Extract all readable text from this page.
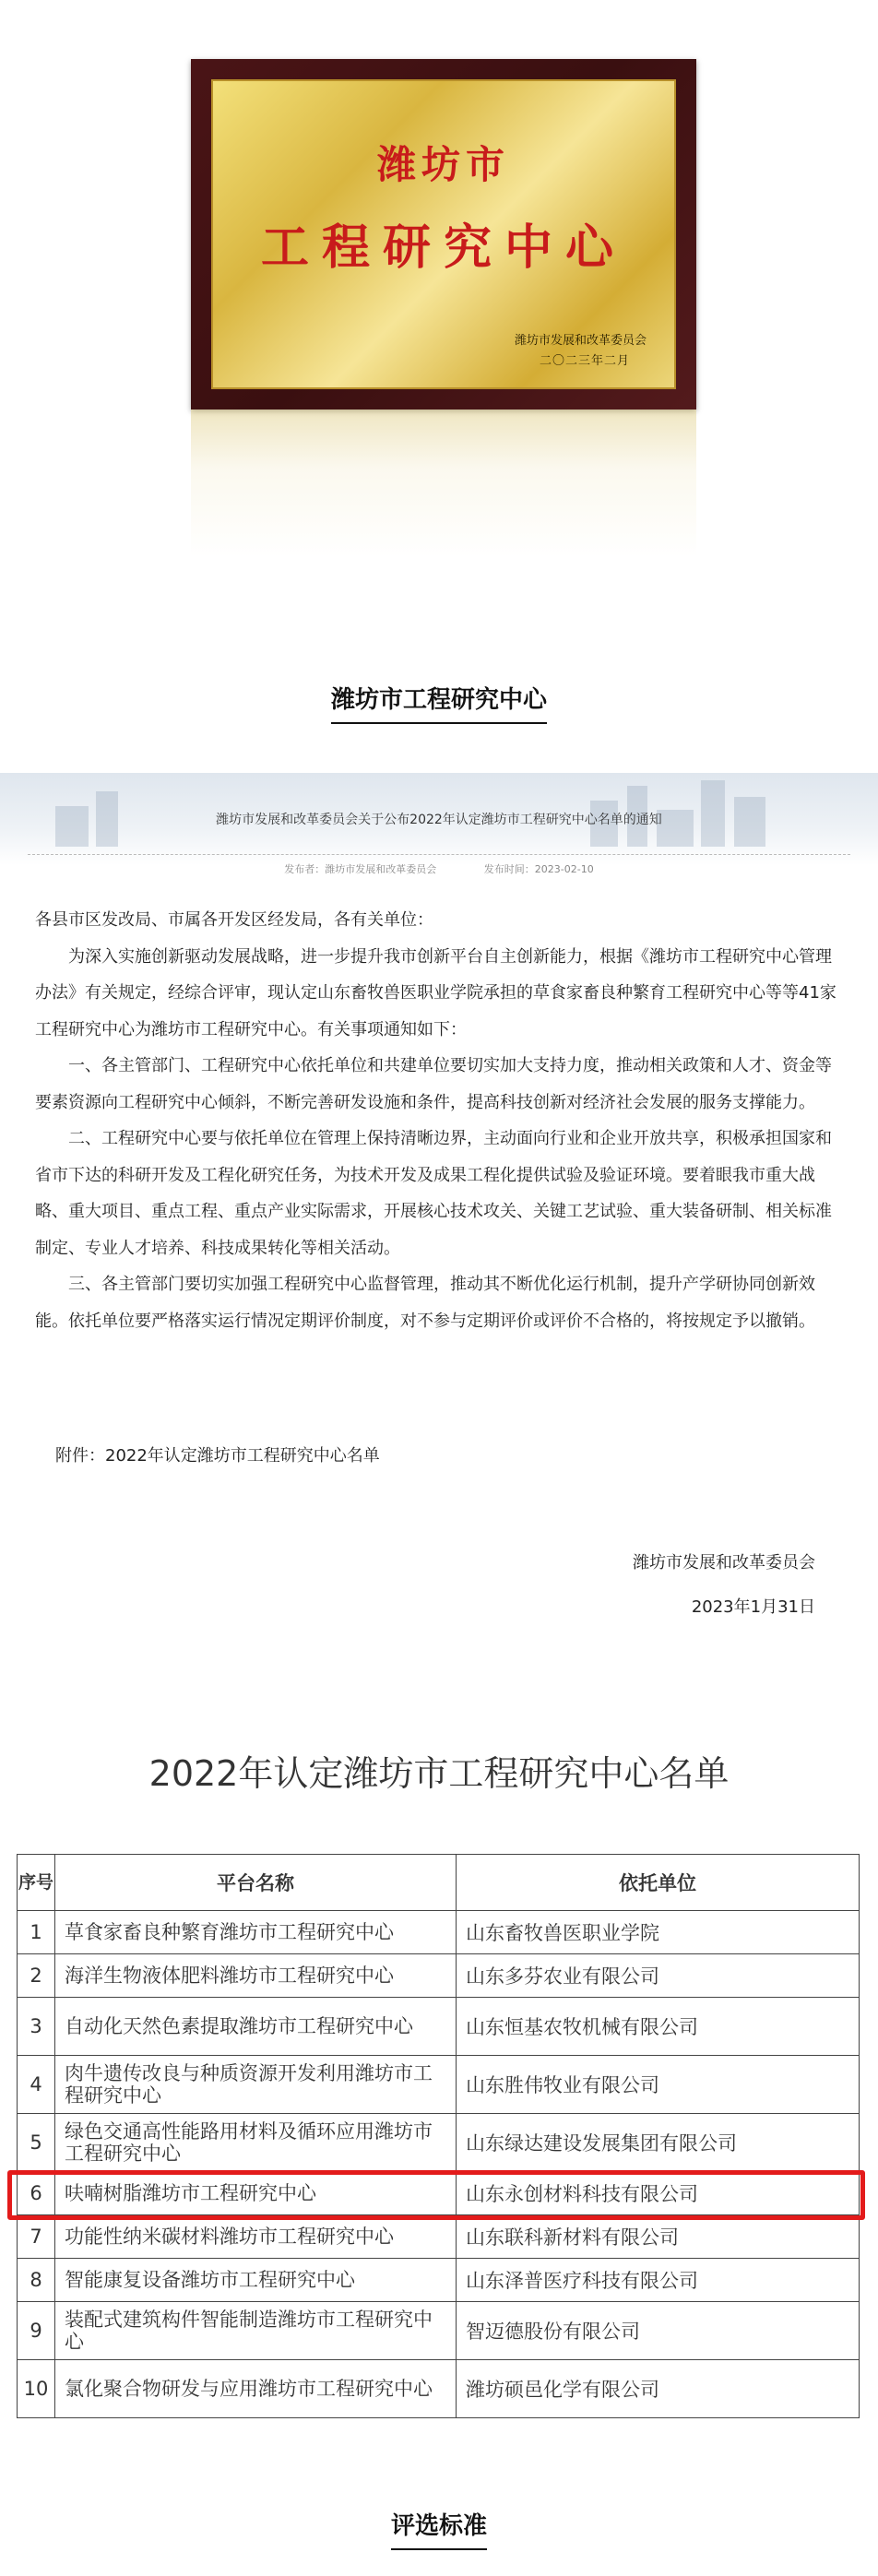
潍坊市
工程研究中心
潍坊市发展和改革委员会
二〇二三年二月
潍坊市工程研究中心
潍坊市发展和改革委员会关于公布2022年认定潍坊市工程研究中心名单的通知
发布者：潍坊市发展和改革委员会	发布时间：2023-02-10

各县市区发改局、市属各开发区经发局，各有关单位：

为深入实施创新驱动发展战略，进一步提升我市创新平台自主创新能力，根据《潍坊市工程研究中心管理办法》有关规定，经综合评审，现认定山东畜牧兽医职业学院承担的草食家畜良种繁育工程研究中心等等41家工程研究中心为潍坊市工程研究中心。有关事项通知如下：

一、各主管部门、工程研究中心依托单位和共建单位要切实加大支持力度，推动相关政策和人才、资金等要素资源向工程研究中心倾斜，不断完善研发设施和条件，提高科技创新对经济社会发展的服务支撑能力。

二、工程研究中心要与依托单位在管理上保持清晰边界，主动面向行业和企业开放共享，积极承担国家和省市下达的科研开发及工程化研究任务，为技术开发及成果工程化提供试验及验证环境。要着眼我市重大战略、重大项目、重点工程、重点产业实际需求，开展核心技术攻关、关键工艺试验、重大装备研制、相关标准制定、专业人才培养、科技成果转化等相关活动。

三、各主管部门要切实加强工程研究中心监督管理，推动其不断优化运行机制，提升产学研协同创新效能。依托单位要严格落实运行情况定期评价制度，对不参与定期评价或评价不合格的，将按规定予以撤销。

附件：2022年认定潍坊市工程研究中心名单
潍坊市发展和改革委员会
2023年1月31日
2022年认定潍坊市工程研究中心名单
序号	平台名称	依托单位
1	草食家畜良种繁育潍坊市工程研究中心	山东畜牧兽医职业学院
2	海洋生物液体肥料潍坊市工程研究中心	山东多芬农业有限公司
3	自动化天然色素提取潍坊市工程研究中心	山东恒基农牧机械有限公司
4	肉牛遗传改良与种质资源开发利用潍坊市工程研究中心	山东胜伟牧业有限公司
5	绿色交通高性能路用材料及循环应用潍坊市工程研究中心	山东绿达建设发展集团有限公司
6	呋喃树脂潍坊市工程研究中心	山东永创材料科技有限公司
7	功能性纳米碳材料潍坊市工程研究中心	山东联科新材料有限公司
8	智能康复设备潍坊市工程研究中心	山东泽普医疗科技有限公司
9	装配式建筑构件智能制造潍坊市工程研究中心	智迈德股份有限公司
10	氯化聚合物研发与应用潍坊市工程研究中心	潍坊硕邑化学有限公司
评选标准
